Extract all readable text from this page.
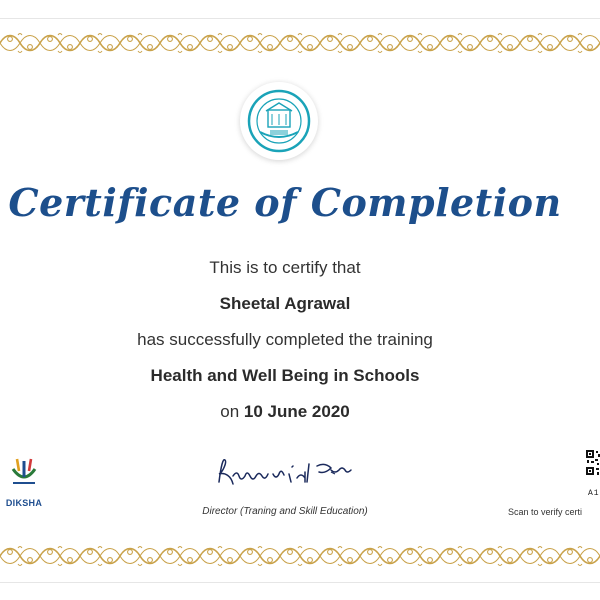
Certificate of Completion
This is to certify that
Sheetal Agrawal
has successfully completed the training
Health and Well Being in Schools
on 10 June 2020
DIKSHA
Director (Traning and Skill Education)
A1
Scan to verify certi
